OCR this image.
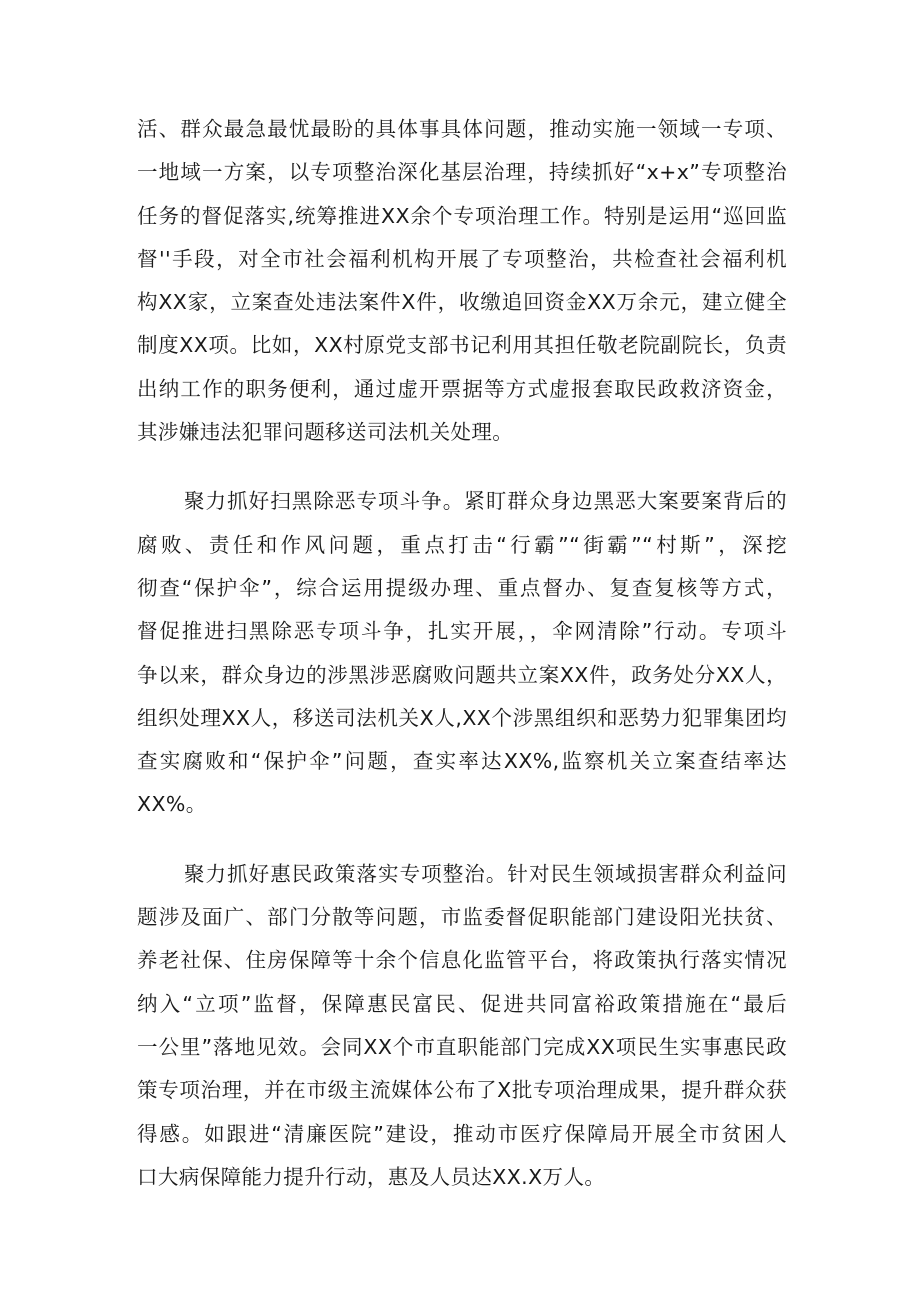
活、群众最急最忧最盼的具体事具体问题，推动实施一领域一专项、
一地域一方案，以专项整治深化基层治理，持续抓好“x+x”专项整治
任务的督促落实,统筹推进XX余个专项治理工作。特别是运用“巡回监
督''手段，对全市社会福利机构开展了专项整治，共检查社会福利机
构XX家，立案查处违法案件X件，收缴追回资金XX万余元，建立健全
制度XX项。比如，XX村原党支部书记利用其担任敬老院副院长，负责
出纳工作的职务便利，通过虚开票据等方式虚报套取民政救济资金，
其涉嫌违法犯罪问题移送司法机关处理。
聚力抓好扫黑除恶专项斗争。紧盯群众身边黑恶大案要案背后的
腐败、责任和作风问题，重点打击“行霸”“街霸”“村斯”，深挖
彻查“保护伞”，综合运用提级办理、重点督办、复查复核等方式，
督促推进扫黑除恶专项斗争，扎实开展，，伞网清除”行动。专项斗
争以来，群众身边的涉黑涉恶腐败问题共立案XX件，政务处分XX人，
组织处理XX人，移送司法机关X人,XX个涉黑组织和恶势力犯罪集团均
查实腐败和“保护伞”问题，查实率达XX%,监察机关立案查结率达
XX%。
聚力抓好惠民政策落实专项整治。针对民生领域损害群众利益问
题涉及面广、部门分散等问题，市监委督促职能部门建设阳光扶贫、
养老社保、住房保障等十余个信息化监管平台，将政策执行落实情况
纳入“立项”监督，保障惠民富民、促进共同富裕政策措施在“最后
一公里”落地见效。会同XX个市直职能部门完成XX项民生实事惠民政
策专项治理，并在市级主流媒体公布了X批专项治理成果，提升群众获
得感。如跟进“清廉医院”建设，推动市医疗保障局开展全市贫困人
口大病保障能力提升行动，惠及人员达XX.X万人。
